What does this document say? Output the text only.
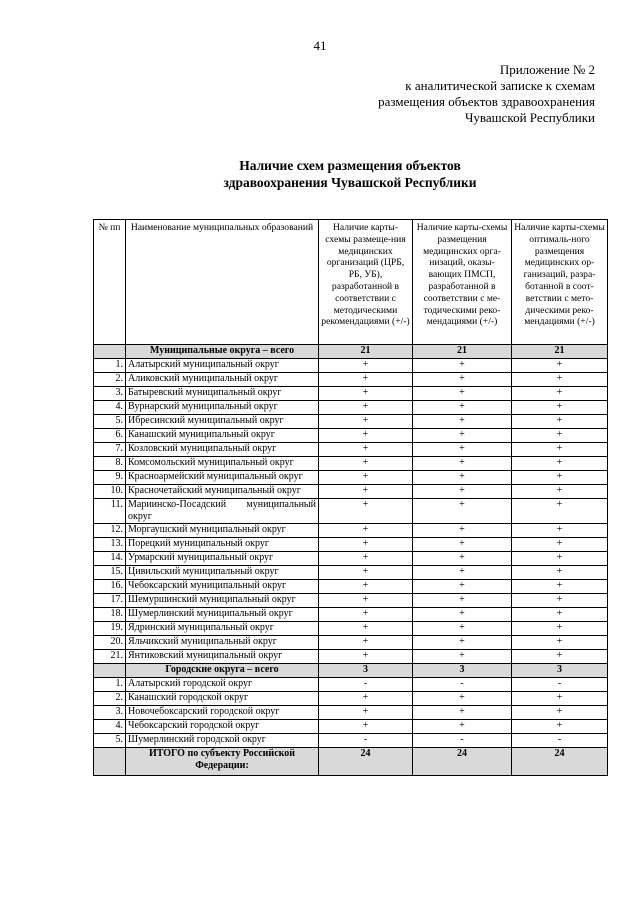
41
Приложение № 2
к аналитической записке к схемам
размещения объектов здравоохранения
Чувашской Республики
Наличие схем размещения объектов
здравоохранения Чувашской Республики
№ пп	Наименование муниципальных образований	Наличие карты-схемы размеще-ния медицинских организаций (ЦРБ, РБ, УБ), разработанной в соответствии с методическими рекомендациями (+/-)	Наличие карты-схемы размещения медицинских орга-низаций, оказы-вающих ПМСП, разработанной в соответствии с ме-тодическими реко-мендациями (+/-)	Наличие карты-схемы оптималь-ного размещения медицинских ор-ганизаций, разра-ботанной в соот-ветствии с мето-дическими реко-мендациями (+/-)
	Муниципальные округа – всего	21	21	21
1.	Алатырский муниципальный округ	+	+	+
2.	Аликовский муниципальный округ	+	+	+
3.	Батыревский муниципальный округ	+	+	+
4.	Вурнарский муниципальный округ	+	+	+
5.	Ибресинский муниципальный округ	+	+	+
6.	Канашский муниципальный округ	+	+	+
7.	Козловский муниципальный округ	+	+	+
8.	Комсомольский муниципальный округ	+	+	+
9.	Красноармейский муниципальный округ	+	+	+
10.	Красночетайский муниципальный округ	+	+	+
11.	Мариинско-Посадский муниципальный округ	+	+	+
12.	Моргаушский муниципальный округ	+	+	+
13.	Порецкий муниципальный округ	+	+	+
14.	Урмарский муниципальный округ	+	+	+
15.	Цивильский муниципальный округ	+	+	+
16.	Чебоксарский муниципальный округ	+	+	+
17.	Шемуршинский муниципальный округ	+	+	+
18.	Шумерлинский муниципальный округ	+	+	+
19.	Ядринский муниципальный округ	+	+	+
20.	Яльчикский муниципальный округ	+	+	+
21.	Янтиковский муниципальный округ	+	+	+
	Городские округа – всего	3	3	3
1.	Алатырский городской округ	-	-	-
2.	Канашский городской округ	+	+	+
3.	Новочебоксарский городской округ	+	+	+
4.	Чебоксарский городской округ	+	+	+
5.	Шумерлинский городской округ	-	-	-
	ИТОГО по субъекту Российской Федерации:	24	24	24
